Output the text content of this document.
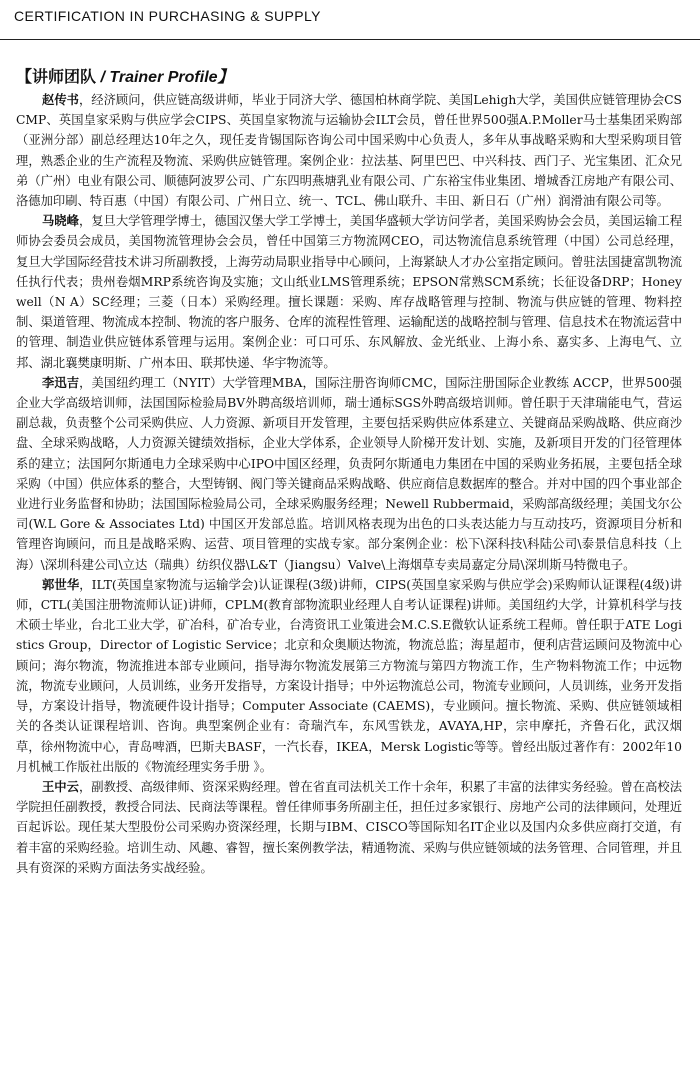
CERTIFICATION IN PURCHASING & SUPPLY
【讲师团队 / Trainer Profile】

赵传书，经济顾问，供应链高级讲师，毕业于同济大学、德国柏林商学院、美国Lehigh大学，美国供应链管理协会CSCMP、英国皇家采购与供应学会CIPS、英国皇家物流与运输协会ILT会员，曾任世界500强A.P.Moller马士基集团采购部（亚洲分部）副总经理达10年之久，现任麦肯锡国际咨询公司中国采购中心负责人，多年从事战略采购和大型采购项目管理，熟悉企业的生产流程及物流、采购供应链管理。案例企业：拉法基、阿里巴巴、中兴科技、西门子、光宝集团、汇众兄弟（广州）电业有限公司、顺德阿波罗公司、广东四明燕塘乳业有限公司、广东裕宝伟业集团、增城香江房地产有限公司、洛德加印刷、特百惠（中国）有限公司、广州日立、统一、TCL、佛山联升、丰田、新日石（广州）润滑油有限公司等。

马晓峰，复旦大学管理学博士，德国汉堡大学工学博士，美国华盛顿大学访问学者，美国采购协会会员，美国运输工程师协会委员会成员，美国物流管理协会会员，曾任中国第三方物流网CEO，司达物流信息系统管理（中国）公司总经理，复旦大学国际经营技术讲习所副教授，上海劳动局职业指导中心顾问，上海紧缺人才办公室指定顾问。曾驻法国捷富凯物流任执行代表；贵州卷烟MRP系统咨询及实施；文山纸业LMS管理系统；EPSON常熟SCM系统；长征设备DRP；Honeywell（N A）SC经理；三菱（日本）采购经理。擅长课题：采购、库存战略管理与控制、物流与供应链的管理、物料控制、渠道管理、物流成本控制、物流的客户服务、仓库的流程性管理、运输配送的战略控制与管理、信息技术在物流运营中的管理、制造业供应链体系管理与运用。案例企业：可口可乐、东风解放、金光纸业、上海小糸、嘉实多、上海电气、立邦、湖北襄樊康明斯、广州本田、联邦快递、华宇物流等。

李迅吉，美国纽约理工（NYIT）大学管理MBA，国际注册咨询师CMC，国际注册国际企业教练 ACCP，世界500强企业大学高级培训师，法国国际检验局BV外聘高级培训师，瑞士通标SGS外聘高级培训师。曾任职于天津瑞能电气，营运副总裁，负责整个公司采购供应、人力资源、新项目开发管理，主要包括采购供应体系建立、关键商品采购战略、供应商沙盘、全球采购战略，人力资源关键绩效指标，企业大学体系，企业领导人阶梯开发计划、实施，及新项目开发的门径管理体系的建立；法国阿尔斯通电力全球采购中心IPO中国区经理，负责阿尔斯通电力集团在中国的采购业务拓展，主要包括全球采购（中国）供应体系的整合，大型铸钢、阀门等关键商品采购战略、供应商信息数据库的整合。并对中国的四个事业部企业进行业务监督和协助；法国国际检验局公司，全球采购服务经理；Newell Rubbermaid，采购部高级经理；美国戈尔公司(W.L Gore & Associates Ltd) 中国区开发部总监。培训风格表现为出色的口头表达能力与互动技巧，资源项目分析和管理咨询顾问，而且是战略采购、运营、项目管理的实战专家。部分案例企业：松下\深科技\科陆公司\泰景信息科技（上海）\深圳科建公司\立达（瑞典）纺织仪器\L&T（Jiangsu）Valve\上海烟草专卖局嘉定分局\深圳斯马特微电子。

郭世华，ILT(英国皇家物流与运输学会)认证课程(3级)讲师，CIPS(英国皇家采购与供应学会)采购师认证课程(4级)讲师，CTL(美国注册物流师认证)讲师，CPLM(教育部物流职业经理人自考认证课程)讲师。美国纽约大学，计算机科学与技术硕士毕业，台北工业大学，矿冶科，矿冶专业，台湾资讯工业策进会M.C.S.E微软认证系统工程师。曾任职于ATE Logistics Group，Director of Logistic Service；北京和众奥顺达物流，物流总监；海星超市，便利店营运顾问及物流中心顾问；海尔物流，物流推进本部专业顾问，指导海尔物流发展第三方物流与第四方物流工作，生产物料物流工作；中远物流，物流专业顾问，人员训练，业务开发指导，方案设计指导；中外运物流总公司，物流专业顾问，人员训练，业务开发指导，方案设计指导，物流硬件设计指导；Computer Associate (CAEMS)，专业顾问。擅长物流、采购、供应链领域相关的各类认证课程培训、咨询。典型案例企业有：奇瑞汽车，东风雪铁龙，AVAYA,HP，宗申摩托，齐鲁石化，武汉烟草，徐州物流中心，青岛啤酒，巴斯夫BASF，一汽长春，IKEA，Mersk Logistic等等。曾经出版过著作有：2002年10月机械工作版社出版的《物流经理实务手册 》。

王中云，副教授、高级律师、资深采购经理。曾在省直司法机关工作十余年，积累了丰富的法律实务经验。曾在高校法学院担任副教授，教授合同法、民商法等课程。曾任律师事务所副主任，担任过多家银行、房地产公司的法律顾问，处理近百起诉讼。现任某大型股份公司采购办资深经理，长期与IBM、CISCO等国际知名IT企业以及国内众多供应商打交道，有着丰富的采购经验。培训生动、风趣、睿智，擅长案例教学法，精通物流、采购与供应链领域的法务管理、合同管理，并且具有资深的采购方面法务实战经验。
